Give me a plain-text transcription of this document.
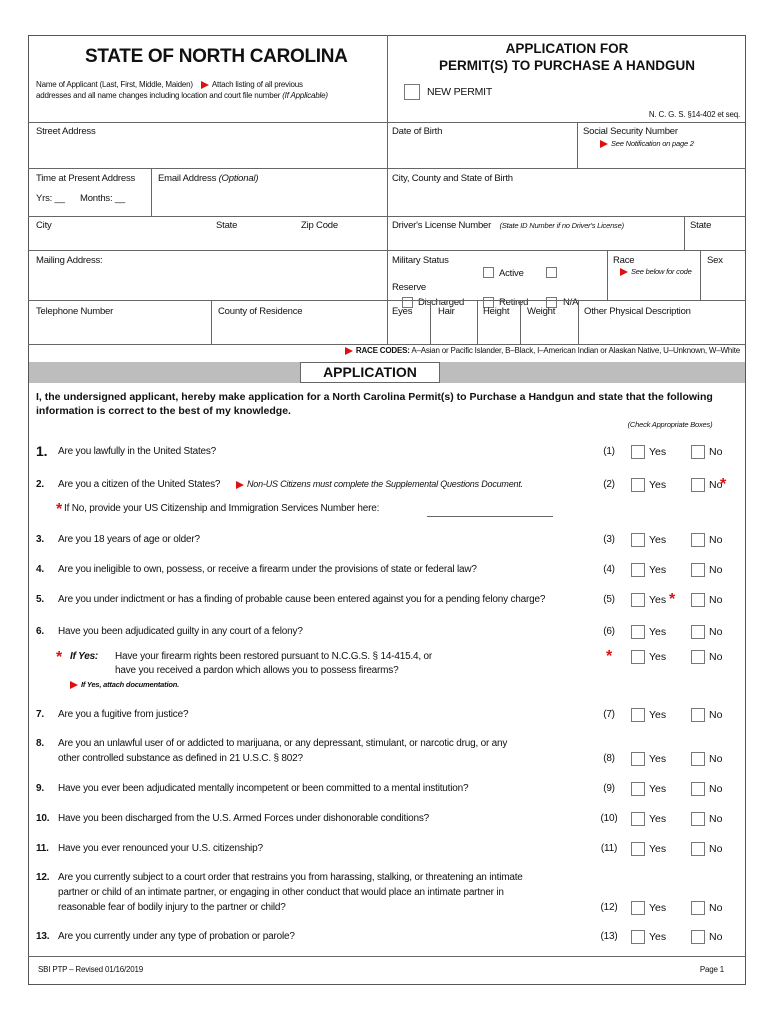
STATE OF NORTH CAROLINA	APPLICATION FOR
PERMIT(S) TO PURCHASE A HANDGUN
Name of Applicant (Last, First, Middle, Maiden) Attach listing of all previous
addresses and all name changes including location and court file number (If Applicable)	NEW PERMIT
N. C. G. S. §14-402 et seq.
Street Address	Date of Birth	Social Security Number
See Notification on page 2
Time at Present Address
Yrs: __ Months: __
Email Address (Optional)	City, County and State of Birth
City	State	Zip Code	Driver's License Number (State ID Number if no Driver's License)	State
Mailing Address:	Military Status
Active
Reserve
Race
See below for code
Sex
Discharged	Retired	N/A
Telephone Number	County of Residence	Eyes	Hair	Height Weight	Other Physical Description
RACE CODES: A–Asian or Pacific Islander, B–Black, I–American Indian or Alaskan Native, U–Unknown, W–White
APPLICATION
I, the undersigned applicant, hereby make application for a North Carolina Permit(s) to Purchase a Handgun and state that the following information is correct to the best of my knowledge.
(Check Appropriate Boxes)
1. Are you lawfully in the United States?	(1)	Yes	No
2. Are you a citizen of the United States?	Non-US Citizens must complete the Supplemental Questions Document.	(2)	Yes	No
*
* If No, provide your US Citizenship and Immigration Services Number here:
3. Are you 18 years of age or older?	(3)	Yes	No
4. Are you ineligible to own, possess, or receive a firearm under the provisions of state or federal law?	(4)	Yes	No
5. Are you under indictment or has a finding of probable cause been entered against you for a pending felony charge?	(5)	Yes *	No
6. Have you been adjudicated guilty in any court of a felony?	(6)	Yes	No
* If Yes: Have your firearm rights been restored pursuant to N.C.G.S. § 14-415.4, or
have you received a pardon which allows you to possess firearms?
If Yes, attach documentation.
*	Yes	No
7. Are you a fugitive from justice?	(7)	Yes	No
8. Are you an unlawful user of or addicted to marijuana, or any depressant, stimulant, or narcotic drug, or any
other controlled substance as defined in 21 U.S.C. § 802?	(8)	Yes	No
9. Have you ever been adjudicated mentally incompetent or been committed to a mental institution?	(9)	Yes	No
10. Have you been discharged from the U.S. Armed Forces under dishonorable conditions?	(10)	Yes	No
11. Have you ever renounced your U.S. citizenship?	(11)	Yes	No
12. Are you currently subject to a court order that restrains you from harassing, stalking, or threatening an intimate
partner or child of an intimate partner, or engaging in other conduct that would place an intimate partner in
reasonable fear of bodily injury to the partner or child?	(12)	Yes	No
13. Are you currently under any type of probation or parole?	(13)	Yes	No
SBI PTP – Revised 01/16/2019	Page 1
